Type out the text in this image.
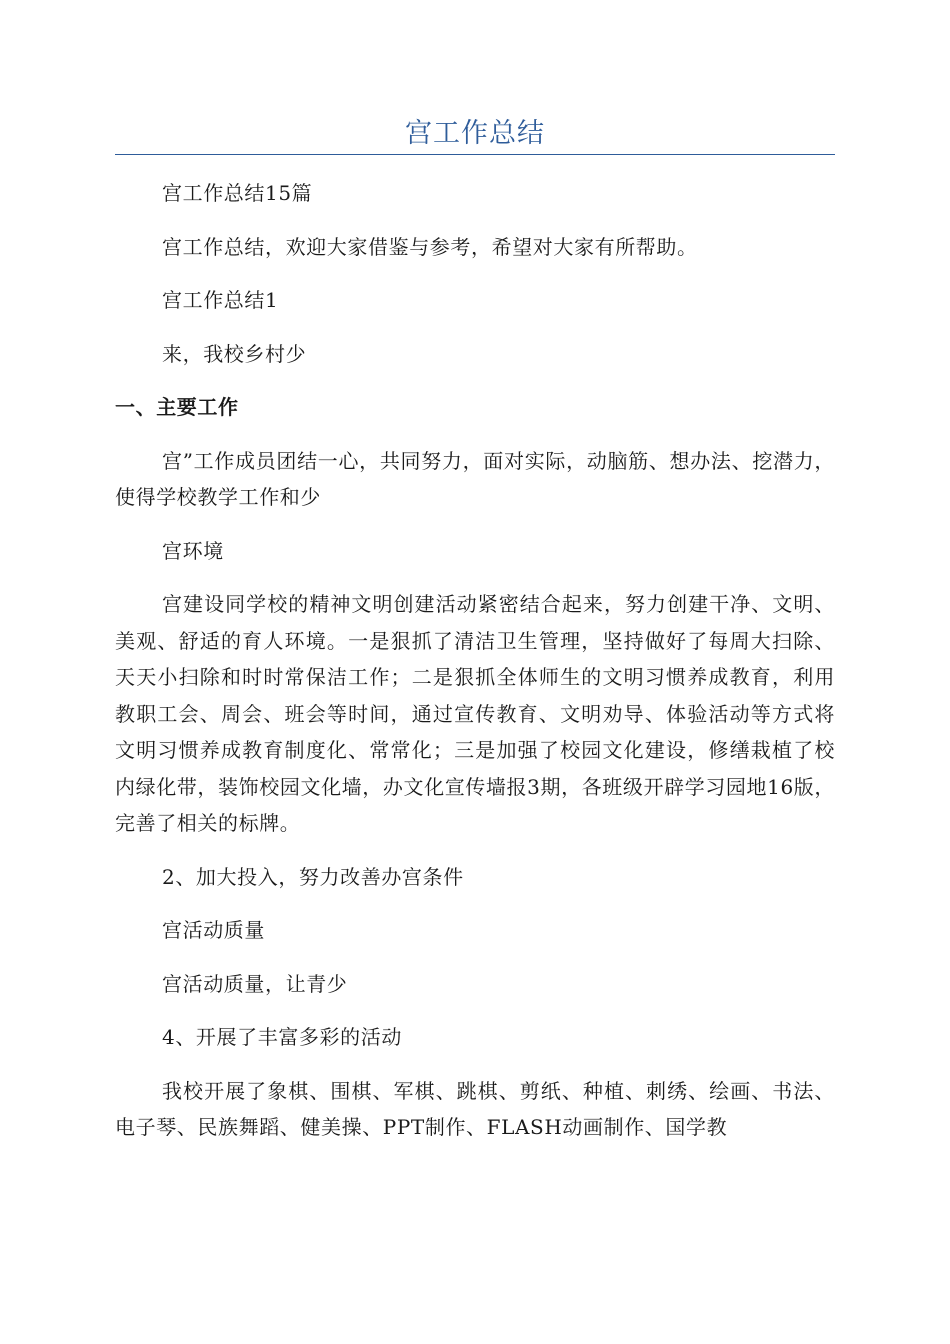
宫工作总结

宫工作总结15篇

宫工作总结，欢迎大家借鉴与参考，希望对大家有所帮助。

宫工作总结1

来，我校乡村少

一、主要工作

宫”工作成员团结一心，共同努力，面对实际，动脑筋、想办法、挖潜力，使得学校教学工作和少

宫环境

宫建设同学校的精神文明创建活动紧密结合起来，努力创建干净、文明、美观、舒适的育人环境。一是狠抓了清洁卫生管理，坚持做好了每周大扫除、天天小扫除和时时常保洁工作；二是狠抓全体师生的文明习惯养成教育，利用教职工会、周会、班会等时间，通过宣传教育、文明劝导、体验活动等方式将文明习惯养成教育制度化、常常化；三是加强了校园文化建设，修缮栽植了校内绿化带，装饰校园文化墙，办文化宣传墙报3期，各班级开辟学习园地16版，完善了相关的标牌。

2、加大投入，努力改善办宫条件

宫活动质量

宫活动质量，让青少

4、开展了丰富多彩的活动

我校开展了象棋、围棋、军棋、跳棋、剪纸、种植、刺绣、绘画、书法、电子琴、民族舞蹈、健美操、PPT制作、FLASH动画制作、国学教
